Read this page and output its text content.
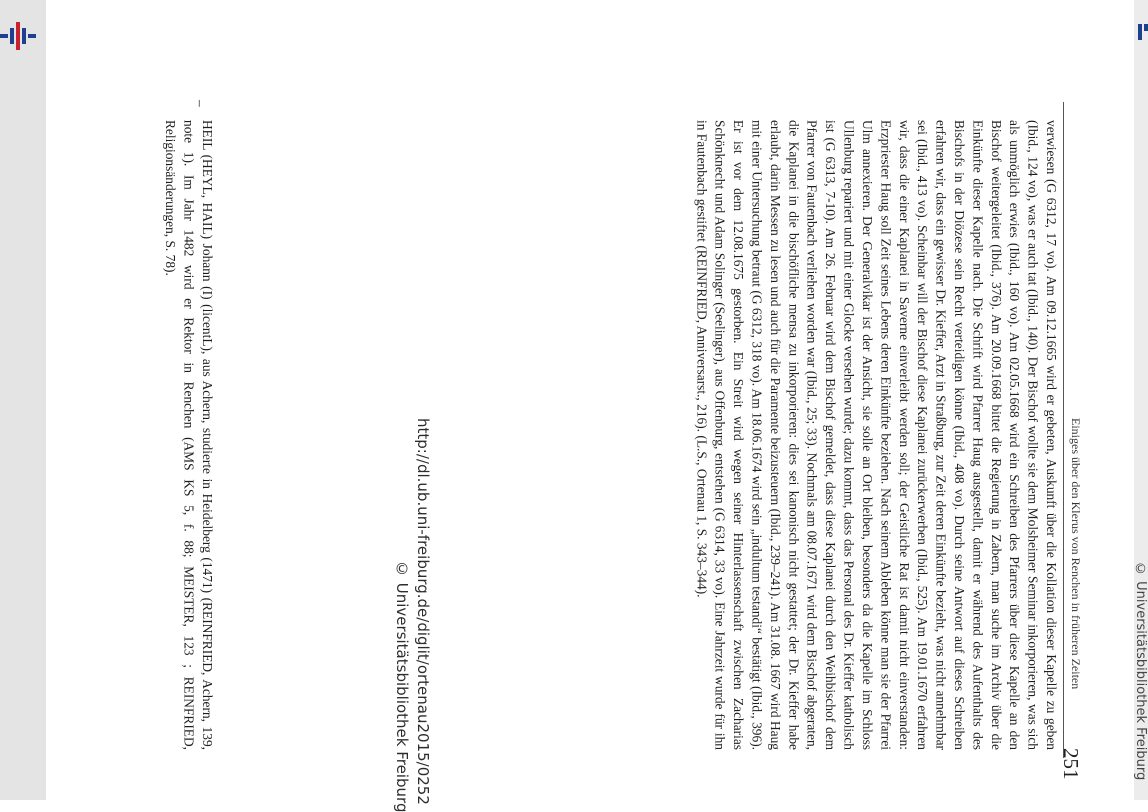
http://dl.ub.uni-freiburg.de/diglit/ortenau2015/0252
© Universitätsbibliothek Freiburg	© Universitätsbibliothek Freiburg
251
Einiges über den Klerus von Renchen in früheren Zeiten
verwiesen (G 6312, 17 vo). Am 09.12.1665 wird er gebeten, Auskunft über die Kollation dieser Kapelle zu geben (Ibid., 124 vo), was er auch tat (Ibid., 140). Der Bischof wollte sie dem Molsheimer Seminar inkorporieren, was sich als unmöglich erwies (Ibid., 160 vo). Am 02.05.1668 wird ein Schreiben des Pfarrers über diese Kapelle an den Bischof weitergeleitet (Ibid., 376). Am 20.09.1668 bittet die Regierung in Zabern, man suche im Archiv über die Einkünfte dieser Kapelle nach. Die Schrift wird Pfarrer Haug ausgestellt, damit er während des Aufenthalts des Bischofs in der Diözese sein Recht verteidigen könne (Ibid., 408 vo). Durch seine Antwort auf dieses Schreiben erfahren wir, dass ein gewisser Dr. Kieffer, Arzt in Straßburg, zur Zeit deren Einkünfte bezieht, was nicht annehmbar sei (Ibid., 413 vo). Scheinbar will der Bischof diese Kaplanei zurückerwerben (Ibid., 525). Am 19.01.1670 erfahren wir, dass die einer Kaplanei in Saverne einverleibt werden soll; der Geistliche Rat ist damit nicht einverstanden: Erzpriester Haug soll Zeit seines Lebens deren Einkünfte beziehen. Nach seinem Ableben könne man sie der Pfarrei Ulm annexieren. Der Generalvikar ist der Ansicht, sie solle an Ort bleiben, besonders da die Kapelle im Schloss Ullenburg repariert und mit einer Glocke versehen wurde; dazu kommt, dass das Personal des Dr. Kieffer katholisch ist (G 6313, 7-10). Am 26. Februar wird dem Bischof gemeldet, dass diese Kaplanei durch den Weihbischof dem Pfarrer von Fautenbach verliehen worden war (Ibid., 25; 33). Nochmals am 08.07.1671 wird dem Bischof abgeraten, die Kaplanei in die bischöfliche mensa zu inkorporieren: dies sei kanonisch nicht gestattet; der Dr. Kieffer habe erlaubt, darin Messen zu lesen und auch für die Paramente beizusteuern (Ibid., 239–241). Am 31.08. 1667 wird Haug mit einer Untersuchung betraut (G 6312, 318 vo). Am 18.06.1674 wird sein „indultum testandi“ bestätigt (Ibid., 396). Er ist vor dem 12.08.1675 gestorben. Ein Streit wird wegen seiner Hinterlassenschaft zwischen Zacharias Schönknecht und Adam Solinger (Seelinger), aus Offenburg, entstehen (G 6314, 33 vo). Eine Jahrzeit wurde für ihn in Fautenbach gestiftet (REINFRIED, Anniversarst., 216). (L.S., Ortenau 1, S. 343–344).
–
HEIL (HEYL, HAIL) Johann (I) (licentL), aus Achern, studierte in Heidelberg (1471) (REINFRIED, Achern, 139, note 1). Im Jahr 1482 wird er Rektor in Renchen (AMS KS 5, f. 88; MEISTER, 123 ; REINFRIED, Religionsänderungen, S. 78).
